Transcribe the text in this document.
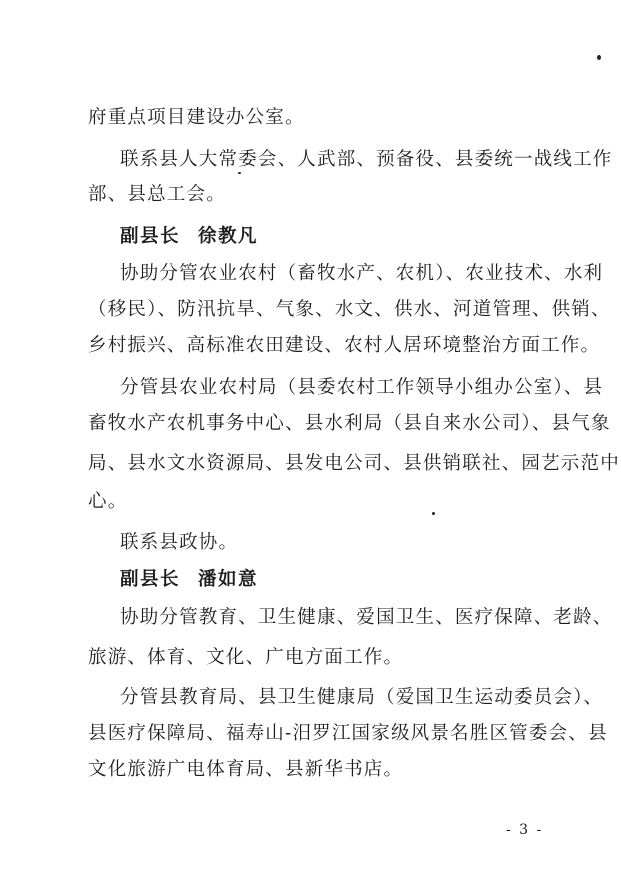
府重点项目建设办公室。
联系县人大常委会、人武部、预备役、县委统一战线工作
部、县总工会。
副县长 徐教凡
协助分管农业农村（畜牧水产、农机）、农业技术、水利
（移民）、防汛抗旱、气象、水文、供水、河道管理、供销、
乡村振兴、高标准农田建设、农村人居环境整治方面工作。
分管县农业农村局（县委农村工作领导小组办公室）、县
畜牧水产农机事务中心、县水利局（县自来水公司）、县气象
局、县水文水资源局、县发电公司、县供销联社、园艺示范中
心。
联系县政协。
副县长 潘如意
协助分管教育、卫生健康、爱国卫生、医疗保障、老龄、
旅游、体育、文化、广电方面工作。
分管县教育局、县卫生健康局（爱国卫生运动委员会）、
县医疗保障局、福寿山-汨罗江国家级风景名胜区管委会、县
文化旅游广电体育局、县新华书店。
- 3 -
